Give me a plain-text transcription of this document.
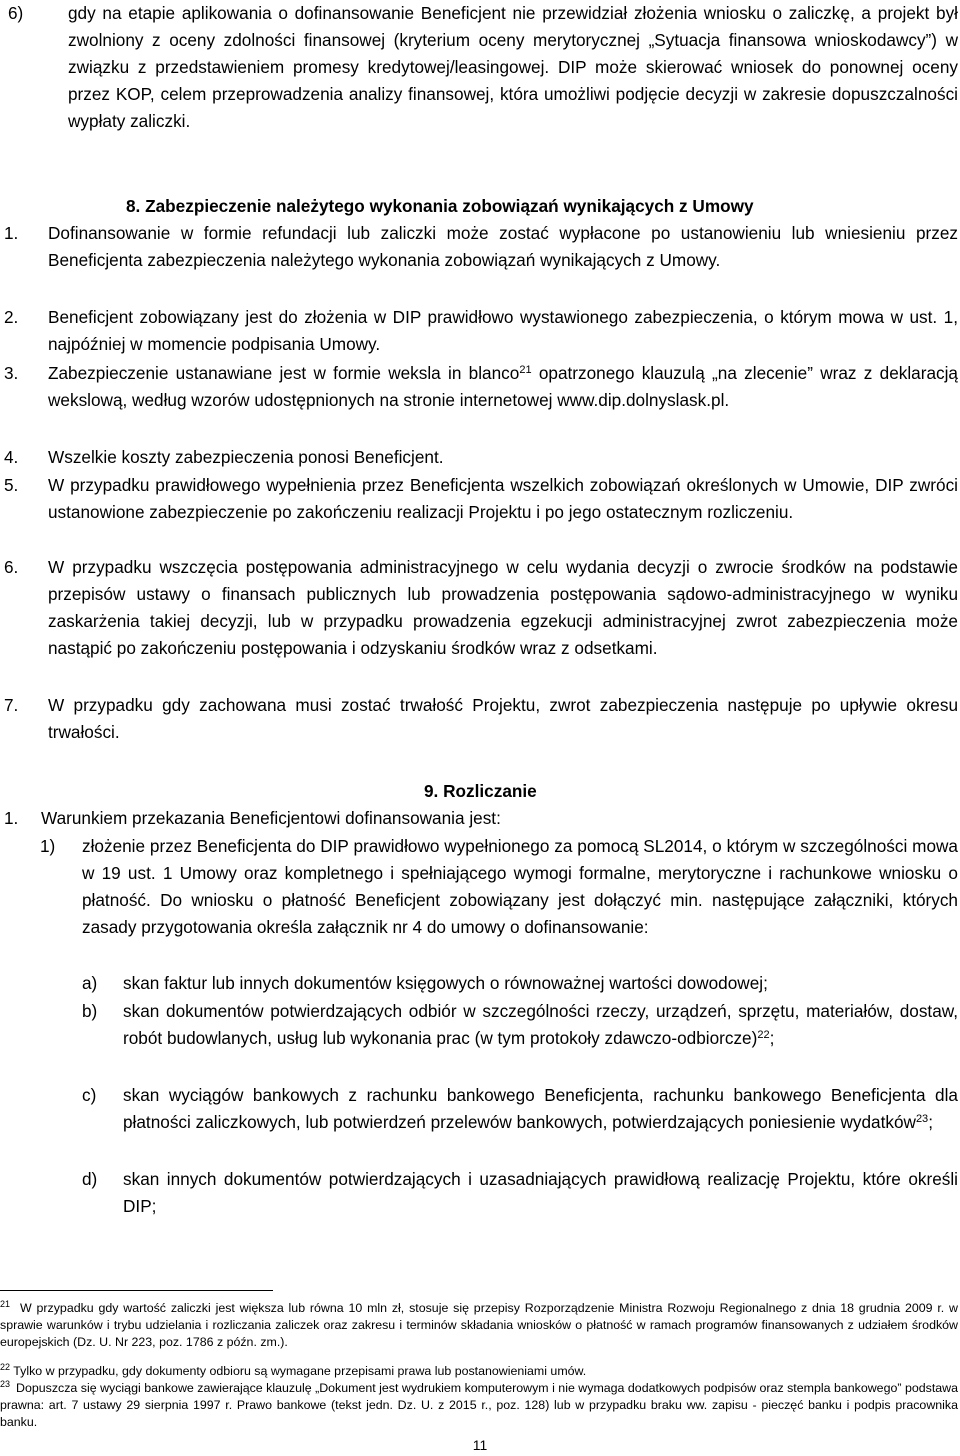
6)	gdy na etapie aplikowania o dofinansowanie Beneficjent nie przewidział złożenia wniosku o zaliczkę, a projekt był zwolniony z oceny zdolności finansowej (kryterium oceny merytorycznej „Sytuacja finansowa wnioskodawcy”) w związku z przedstawieniem promesy kredytowej/leasingowej. DIP może skierować wniosek do ponownej oceny przez KOP, celem przeprowadzenia analizy finansowej, która umożliwi podjęcie decyzji w zakresie dopuszczalności wypłaty zaliczki.
8. Zabezpieczenie należytego wykonania zobowiązań wynikających z Umowy
1.	Dofinansowanie w formie refundacji lub zaliczki może zostać wypłacone po ustanowieniu lub wniesieniu przez Beneficjenta zabezpieczenia należytego wykonania zobowiązań wynikających z Umowy.
2.	Beneficjent zobowiązany jest do złożenia w DIP prawidłowo wystawionego zabezpieczenia, o którym mowa w ust. 1, najpóźniej w momencie podpisania Umowy.
3.	Zabezpieczenie ustanawiane jest w formie weksla in blanco$^{21}$ opatrzonego klauzulą „na zlecenie” wraz z deklaracją wekslową, według wzorów udostępnionych na stronie internetowej www.dip.dolnyslask.pl.
4.	Wszelkie koszty zabezpieczenia ponosi Beneficjent.
5.	W przypadku prawidłowego wypełnienia przez Beneficjenta wszelkich zobowiązań określonych w Umowie, DIP zwróci ustanowione zabezpieczenie po zakończeniu realizacji Projektu i po jego ostatecznym rozliczeniu.
6.	W przypadku wszczęcia postępowania administracyjnego w celu wydania decyzji o zwrocie środków na podstawie przepisów ustawy o finansach publicznych lub prowadzenia postępowania sądowo-administracyjnego w wyniku zaskarżenia takiej decyzji, lub w przypadku prowadzenia egzekucji administracyjnej zwrot zabezpieczenia może nastąpić po zakończeniu postępowania i odzyskaniu środków wraz z odsetkami.
7.	W przypadku gdy zachowana musi zostać trwałość Projektu, zwrot zabezpieczenia następuje po upływie okresu trwałości.
9. Rozliczanie
1.	Warunkiem przekazania Beneficjentowi dofinansowania jest:
1)	złożenie przez Beneficjenta do DIP prawidłowo wypełnionego za pomocą SL2014, o którym w szczególności mowa w 19 ust. 1 Umowy oraz kompletnego i spełniającego wymogi formalne, merytoryczne i rachunkowe wniosku o płatność. Do wniosku o płatność Beneficjent zobowiązany jest dołączyć min. następujące załączniki, których zasady przygotowania określa załącznik nr 4 do umowy o dofinansowanie:
a)	skan faktur lub innych dokumentów księgowych o równoważnej wartości dowodowej;
b)	skan dokumentów potwierdzających odbiór w szczególności rzeczy, urządzeń, sprzętu, materiałów, dostaw, robót budowlanych, usług lub wykonania prac (w tym protokoły zdawczo-odbiorcze)$^{22}$;
c)	skan wyciągów bankowych z rachunku bankowego Beneficjenta, rachunku bankowego Beneficjenta dla płatności zaliczkowych, lub potwierdzeń przelewów bankowych, potwierdzających poniesienie wydatków$^{23}$;
d)	skan innych dokumentów potwierdzających i uzasadniających prawidłową realizację Projektu, które określi DIP;
$^{21}$ W przypadku gdy wartość zaliczki jest większa lub równa 10 mln zł, stosuje się przepisy Rozporządzenie Ministra Rozwoju Regionalnego z dnia 18 grudnia 2009 r. w sprawie warunków i trybu udzielania i rozliczania zaliczek oraz zakresu i terminów składania wniosków o płatność w ramach programów finansowanych z udziałem środków europejskich (Dz. U. Nr 223, poz. 1786 z późn. zm.).
$^{22}$ Tylko w przypadku, gdy dokumenty odbioru są wymagane przepisami prawa lub postanowieniami umów.
$^{23}$ Dopuszcza się wyciągi bankowe zawierające klauzulę „Dokument jest wydrukiem komputerowym i nie wymaga dodatkowych podpisów oraz stempla bankowego” podstawa prawna: art. 7 ustawy 29 sierpnia 1997 r. Prawo bankowe (tekst jedn. Dz. U. z 2015 r., poz. 128) lub w przypadku braku ww. zapisu - pieczęć banku i podpis pracownika banku.
11
